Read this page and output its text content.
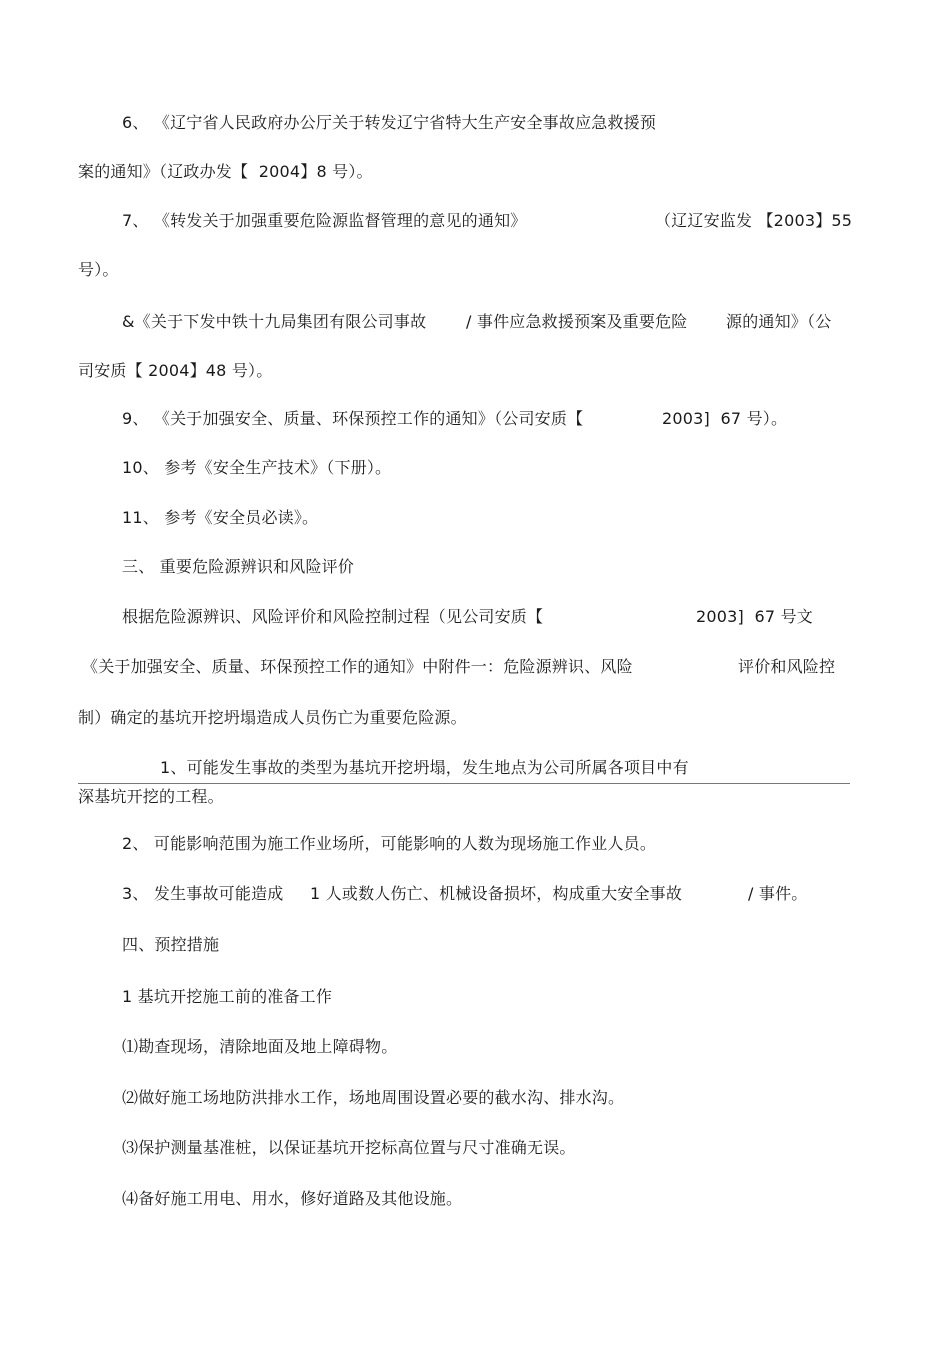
6、 《辽宁省人民政府办公厅关于转发辽宁省特大生产安全事故应急救援预
案的通知》（辽政办发【  2004】8 号）。
7、 《转发关于加强重要危险源监督管理的意见的通知》	（辽辽安监发 【2003】55
号）。
&《关于下发中铁十九局集团有限公司事故 / 事件应急救援预案及重要危险 源的通知》（公
司安质【 2004】48 号）。
9、 《关于加强安全、质量、环保预控工作的通知》（公司安质【	2003]  67 号）。
10、 参考《安全生产技术》（下册）。
11、 参考《安全员必读》。
三、 重要危险源辨识和风险评价
根据危险源辨识、风险评价和风险控制过程（见公司安质【	2003]  67 号文
《关于加强安全、质量、环保预控工作的通知》中附件一：危险源辨识、风险	评价和风险控
制）确定的基坑开挖坍塌造成人员伤亡为重要危险源。
1、可能发生事故的类型为基坑开挖坍塌，发生地点为公司所属各项目中有
深基坑开挖的工程。
2、 可能影响范围为施工作业场所，可能影响的人数为现场施工作业人员。
3、 发生事故可能造成 1 人或数人伤亡、机械设备损坏，构成重大安全事故	/ 事件。
四、预控措施
1 基坑开挖施工前的准备工作
⑴勘查现场，清除地面及地上障碍物。
⑵做好施工场地防洪排水工作，场地周围设置必要的截水沟、排水沟。
⑶保护测量基准桩，以保证基坑开挖标高位置与尺寸准确无误。
⑷备好施工用电、用水，修好道路及其他设施。
